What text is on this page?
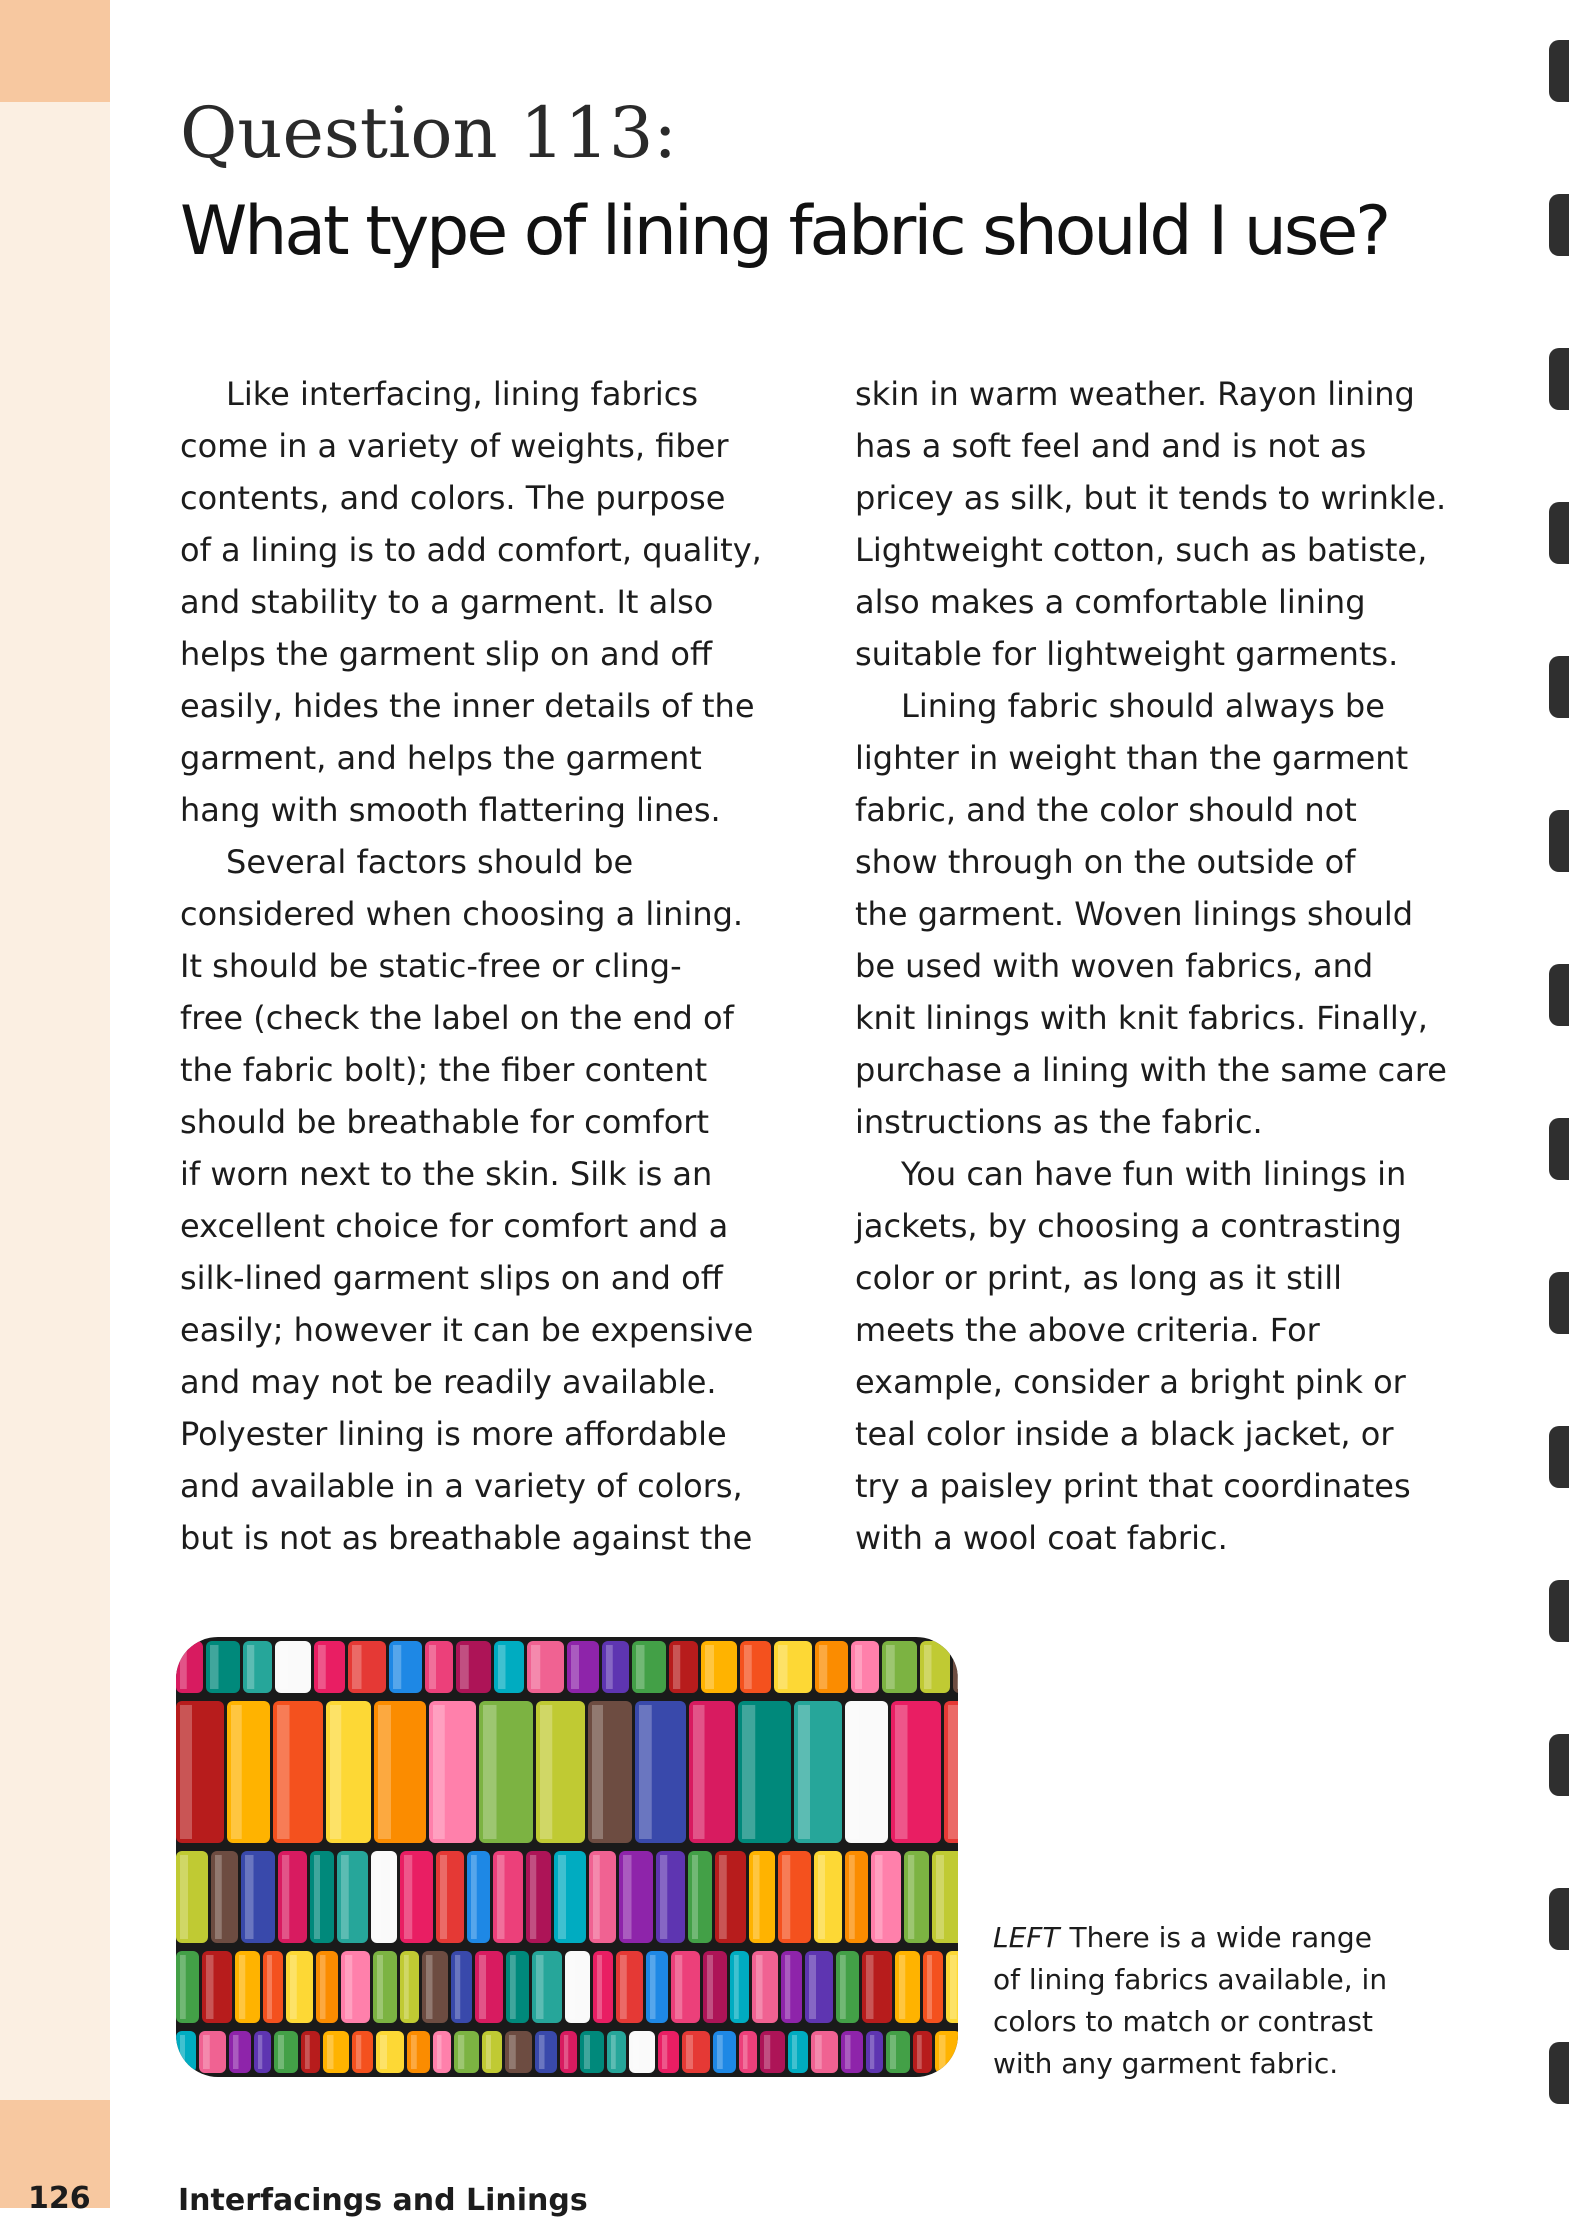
Question 113:
What type of lining fabric should I use?
Like interfacing, lining fabrics
come in a variety of weights, fiber
contents, and colors. The purpose
of a lining is to add comfort, quality,
and stability to a garment. It also
helps the garment slip on and off
easily, hides the inner details of the
garment, and helps the garment
hang with smooth flattering lines.
Several factors should be
considered when choosing a lining.
It should be static-free or cling-
free (check the label on the end of
the fabric bolt); the fiber content
should be breathable for comfort
if worn next to the skin. Silk is an
excellent choice for comfort and a
silk-lined garment slips on and off
easily; however it can be expensive
and may not be readily available.
Polyester lining is more affordable
and available in a variety of colors,
but is not as breathable against the
skin in warm weather. Rayon lining
has a soft feel and and is not as
pricey as silk, but it tends to wrinkle.
Lightweight cotton, such as batiste,
also makes a comfortable lining
suitable for lightweight garments.
Lining fabric should always be
lighter in weight than the garment
fabric, and the color should not
show through on the outside of
the garment. Woven linings should
be used with woven fabrics, and
knit linings with knit fabrics. Finally,
purchase a lining with the same care
instructions as the fabric.
You can have fun with linings in
jackets, by choosing a contrasting
color or print, as long as it still
meets the above criteria. For
example, consider a bright pink or
teal color inside a black jacket, or
try a paisley print that coordinates
with a wool coat fabric.
LEFT There is a wide range
of lining fabrics available, in
colors to match or contrast
with any garment fabric.
126	Interfacings and Linings
